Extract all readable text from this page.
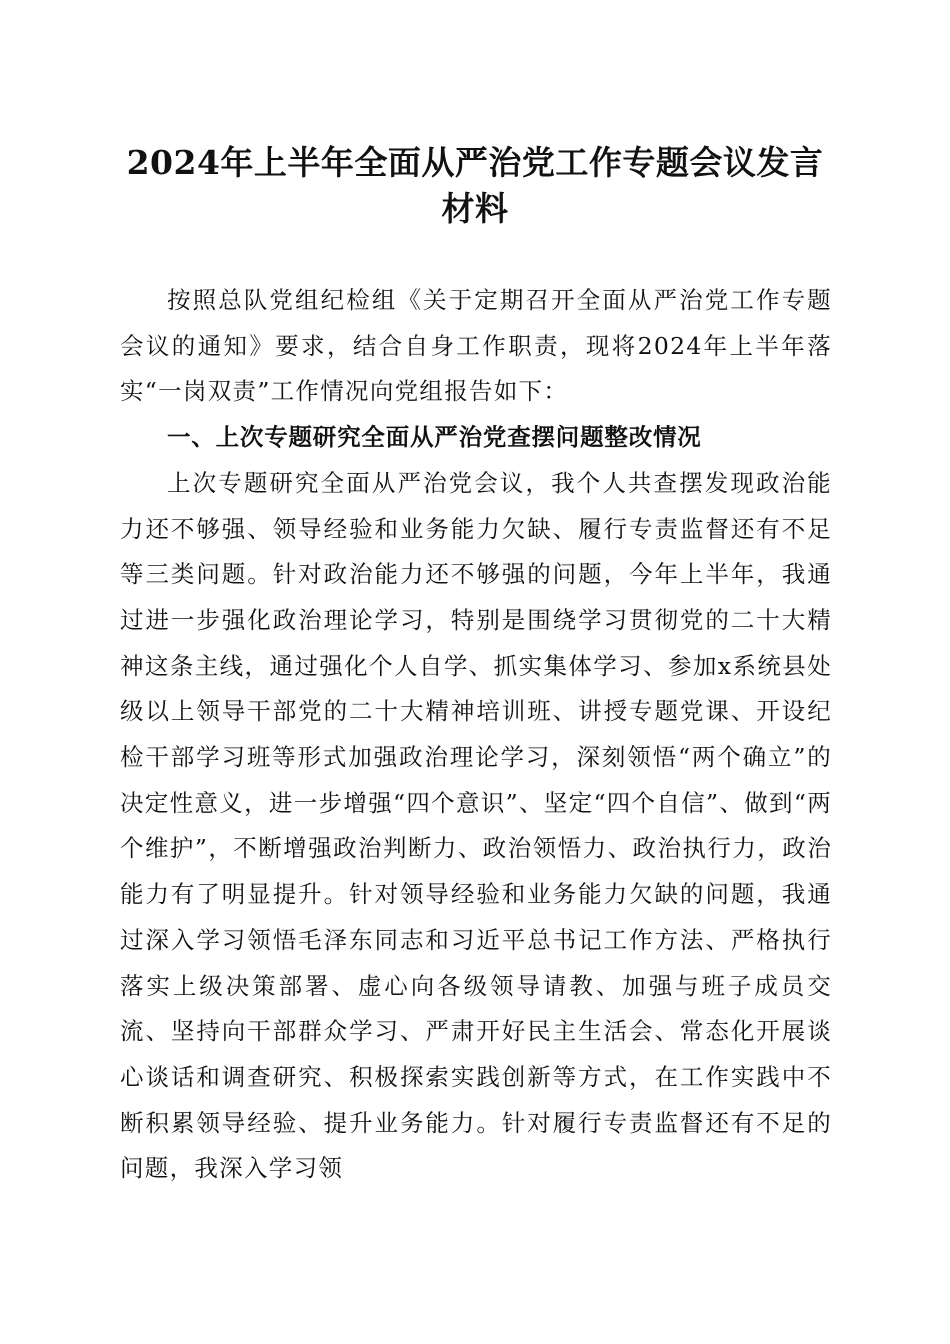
2024年上半年全面从严治党工作专题会议发言材料

按照总队党组纪检组《关于定期召开全面从严治党工作专题会议的通知》要求，结合自身工作职责，现将2024年上半年落实“一岗双责”工作情况向党组报告如下：

一、上次专题研究全面从严治党查摆问题整改情况

上次专题研究全面从严治党会议，我个人共查摆发现政治能力还不够强、领导经验和业务能力欠缺、履行专责监督还有不足等三类问题。针对政治能力还不够强的问题，今年上半年，我通过进一步强化政治理论学习，特别是围绕学习贯彻党的二十大精神这条主线，通过强化个人自学、抓实集体学习、参加x系统县处级以上领导干部党的二十大精神培训班、讲授专题党课、开设纪检干部学习班等形式加强政治理论学习，深刻领悟“两个确立”的决定性意义，进一步增强“四个意识”、坚定“四个自信”、做到“两个维护”，不断增强政治判断力、政治领悟力、政治执行力，政治能力有了明显提升。针对领导经验和业务能力欠缺的问题，我通过深入学习领悟毛泽东同志和习近平总书记工作方法、严格执行落实上级决策部署、虚心向各级领导请教、加强与班子成员交流、坚持向干部群众学习、严肃开好民主生活会、常态化开展谈心谈话和调查研究、积极探索实践创新等方式，在工作实践中不断积累领导经验、提升业务能力。针对履行专责监督还有不足的问题，我深入学习领
